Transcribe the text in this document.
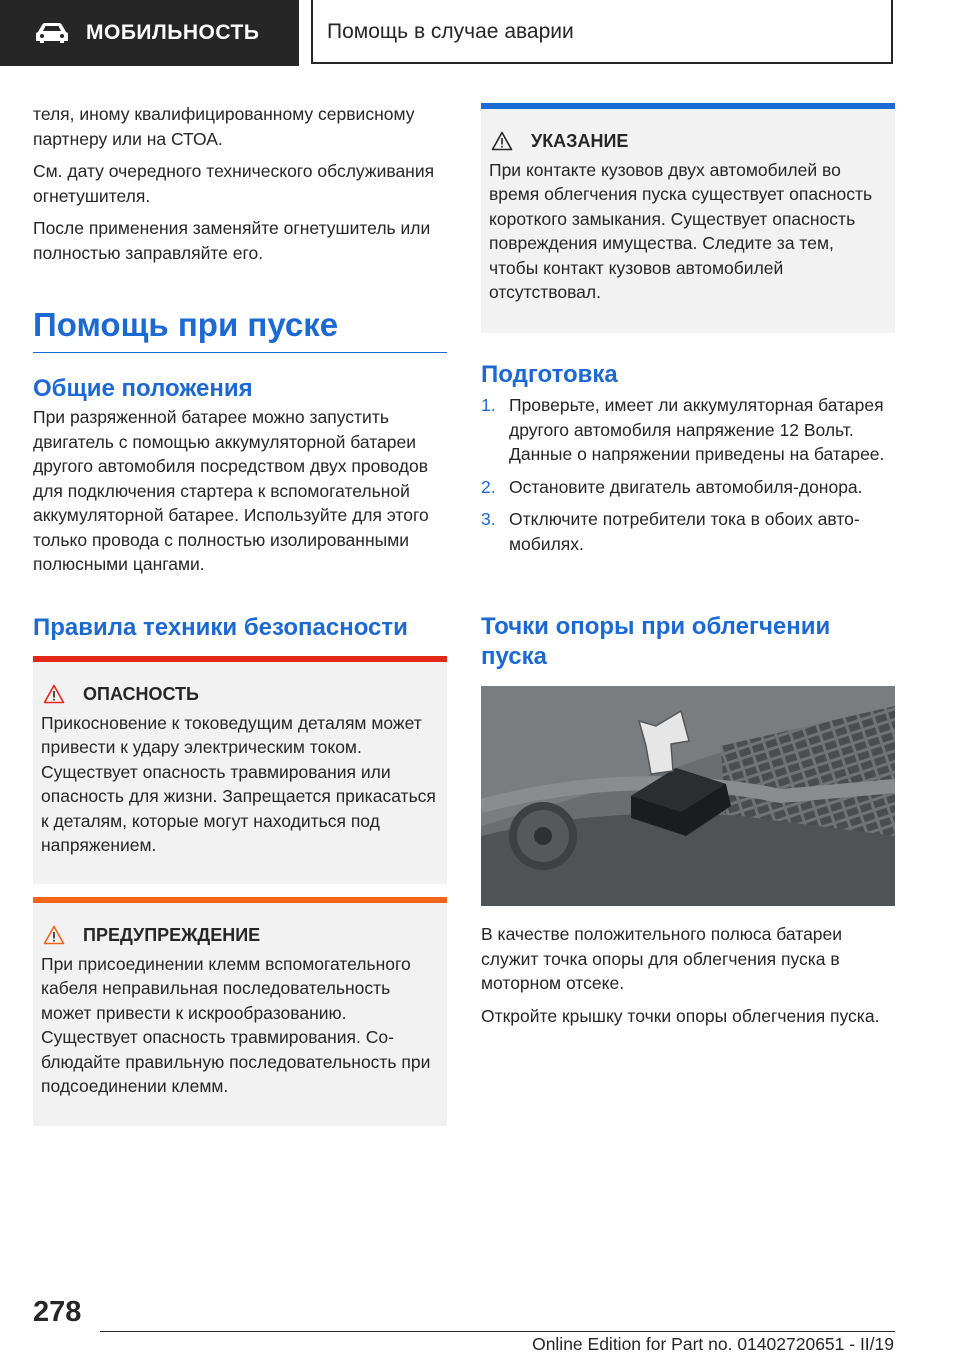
МОБИЛЬНОСТЬ	Помощь в случае аварии

теля, иному квалифицированному сервисному партнеру или на СТОА.

См. дату очередного технического обслуживания огнетушителя.

После применения заменяйте огнетушитель или полностью заправляйте его.

Помощь при пуске
Общие положения

При разряженной батарее можно запустить двигатель с помощью аккумуляторной батареи другого автомобиля посредством двух проводов для подключения стартера к вспомогательной аккумуляторной батарее. Используйте для этого только провода с полностью изолированными полюсными цангами.

Правила техники безопасности
ОПАСНОСТЬ
Прикосновение к токоведущим деталям может привести к удару электрическим током. Существует опасность травмирования или опасность для жизни. Запрещается прикасаться к деталям, которые могут находиться под напряжением.
ПРЕДУПРЕЖДЕНИЕ
При присоединении клемм вспомогательного кабеля неправильная последовательность может привести к искрообразованию. Существует опасность травмирования. Соблюдайте правильную последовательность при подсоединении клемм.
УКАЗАНИЕ
При контакте кузовов двух автомобилей во время облегчения пуска существует опасность короткого замыкания. Существует опасность повреждения имущества. Следите за тем, чтобы контакт кузовов автомобилей отсутствовал.
Подготовка
1. Проверьте, имеет ли аккумуляторная батарея другого автомобиля напряжение 12 Вольт. Данные о напряжении приведены на батарее.
2. Остановите двигатель автомобиля-донора.
3. Отключите потребители тока в обоих автомобилях.
Точки опоры при облегчении пуска

В качестве положительного полюса батареи служит точка опоры для облегчения пуска в моторном отсеке.

Откройте крышку точки опоры облегчения пуска.

278
Online Edition for Part no. 01402720651 - II/19
